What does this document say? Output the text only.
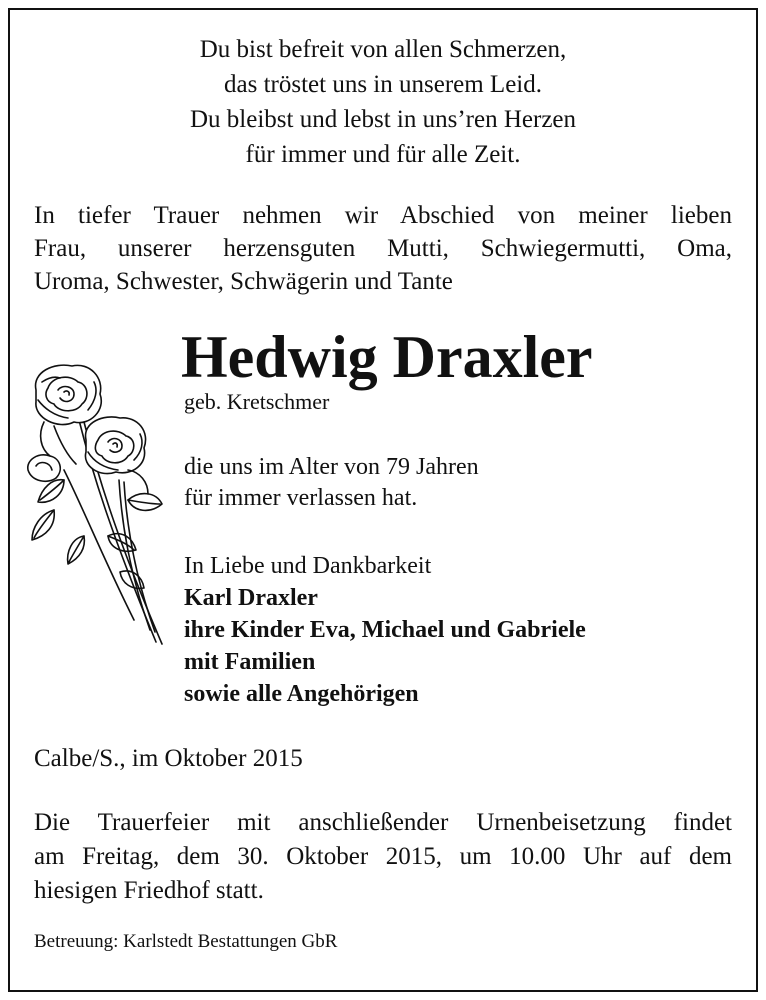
Du bist befreit von allen Schmerzen,
das tröstet uns in unserem Leid.
Du bleibst und lebst in uns’ren Herzen
für immer und für alle Zeit.
In tiefer Trauer nehmen wir Abschied von meiner lieben
Frau, unserer herzensguten Mutti, Schwiegermutti, Oma,
Uroma, Schwester, Schwägerin und Tante
Hedwig Draxler
geb. Kretschmer
die uns im Alter von 79 Jahren
für immer verlassen hat.
In Liebe und Dankbarkeit
Karl Draxler
ihre Kinder Eva, Michael und Gabriele
mit Familien
sowie alle Angehörigen
Calbe/S., im Oktober 2015
Die Trauerfeier mit anschließender Urnenbeisetzung findet
am Freitag, dem 30. Oktober 2015, um 10.00 Uhr auf dem
hiesigen Friedhof statt.
Betreuung: Karlstedt Bestattungen GbR
